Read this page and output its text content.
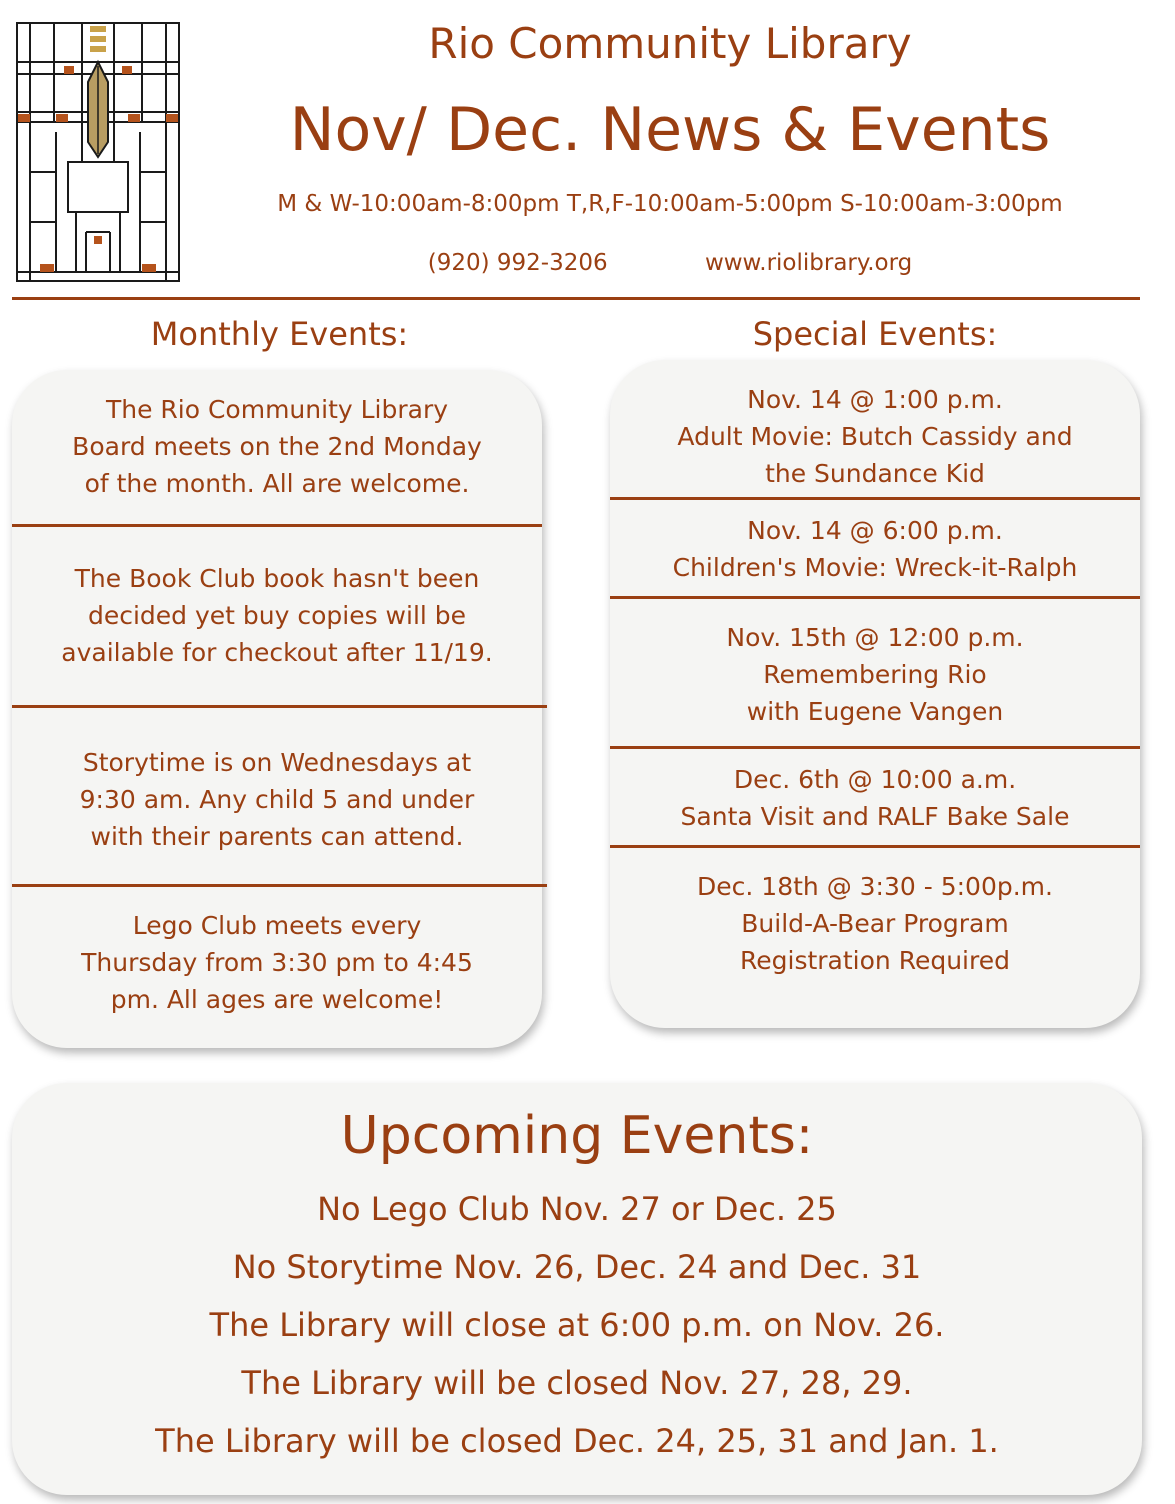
Rio Community Library
Nov/ Dec. News & Events
M & W-10:00am-8:00pm T,R,F-10:00am-5:00pm S-10:00am-3:00pm
(920) 992-3206	www.riolibrary.org
Monthly Events:	Special Events:
The Rio Community Library
Board meets on the 2nd Monday
of the month. All are welcome.
The Book Club book hasn't been
decided yet buy copies will be
available for checkout after 11/19.
Storytime is on Wednesdays at
9:30 am. Any child 5 and under
with their parents can attend.
Lego Club meets every
Thursday from 3:30 pm to 4:45
pm. All ages are welcome!
Nov. 14 @ 1:00 p.m.
Adult Movie: Butch Cassidy and
the Sundance Kid
Nov. 14 @ 6:00 p.m.
Children's Movie: Wreck-it-Ralph
Nov. 15th @ 12:00 p.m.
Remembering Rio
with Eugene Vangen
Dec. 6th @ 10:00 a.m.
Santa Visit and RALF Bake Sale
Dec. 18th @ 3:30 - 5:00p.m.
Build-A-Bear Program
Registration Required
Upcoming Events:
No Lego Club Nov. 27 or Dec. 25
No Storytime Nov. 26, Dec. 24 and Dec. 31
The Library will close at 6:00 p.m. on Nov. 26.
The Library will be closed Nov. 27, 28, 29.
The Library will be closed Dec. 24, 25, 31 and Jan. 1.
